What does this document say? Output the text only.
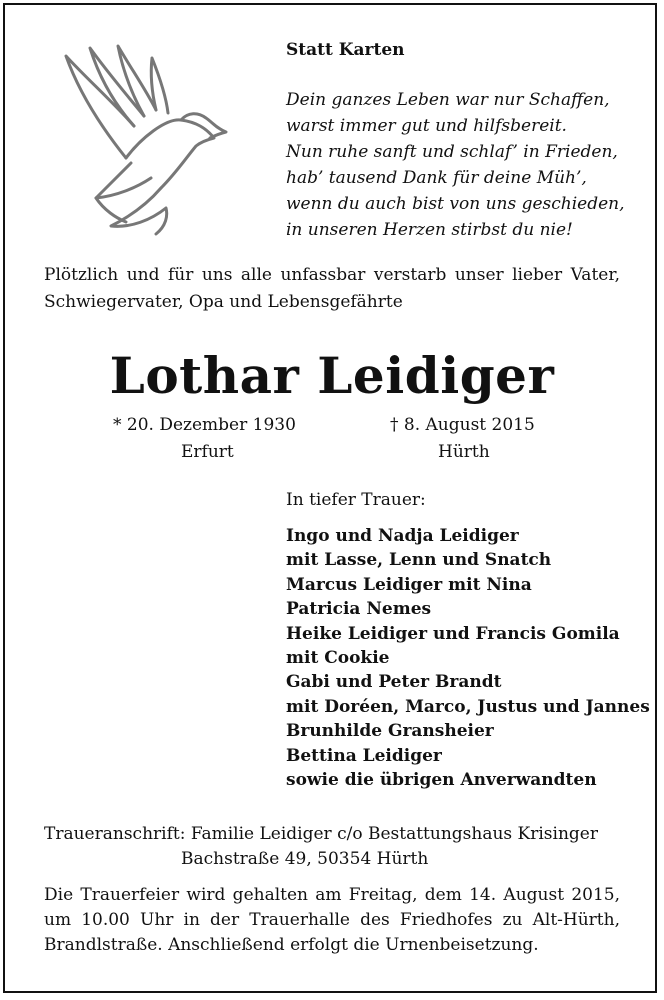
Statt Karten
Dein ganzes Leben war nur Schaffen,
warst immer gut und hilfsbereit.
Nun ruhe sanft und schlaf’ in Frieden,
hab’ tausend Dank für deine Müh’,
wenn du auch bist von uns geschieden,
in unseren Herzen stirbst du nie!
Plötzlich und für uns alle unfassbar verstarb unser lieber Vater, Schwiegervater, Opa und Lebensgefährte
Lothar Leidiger
* 20. Dezember 1930	† 8. August 2015
Erfurt	Hürth
In tiefer Trauer:
Ingo und Nadja Leidiger
mit Lasse, Lenn und Snatch
Marcus Leidiger mit Nina
Patricia Nemes
Heike Leidiger und Francis Gomila
mit Cookie
Gabi und Peter Brandt
mit Doréen, Marco, Justus und Jannes
Brunhilde Gransheier
Bettina Leidiger
sowie die übrigen Anverwandten
Traueranschrift: Familie Leidiger c/o Bestattungshaus Krisinger
Bachstraße 49, 50354 Hürth
Die Trauerfeier wird gehalten am Freitag, dem 14. August 2015, um 10.00 Uhr in der Trauerhalle des Friedhofes zu Alt-Hürth, Brandlstraße. Anschließend erfolgt die Urnenbeisetzung.
